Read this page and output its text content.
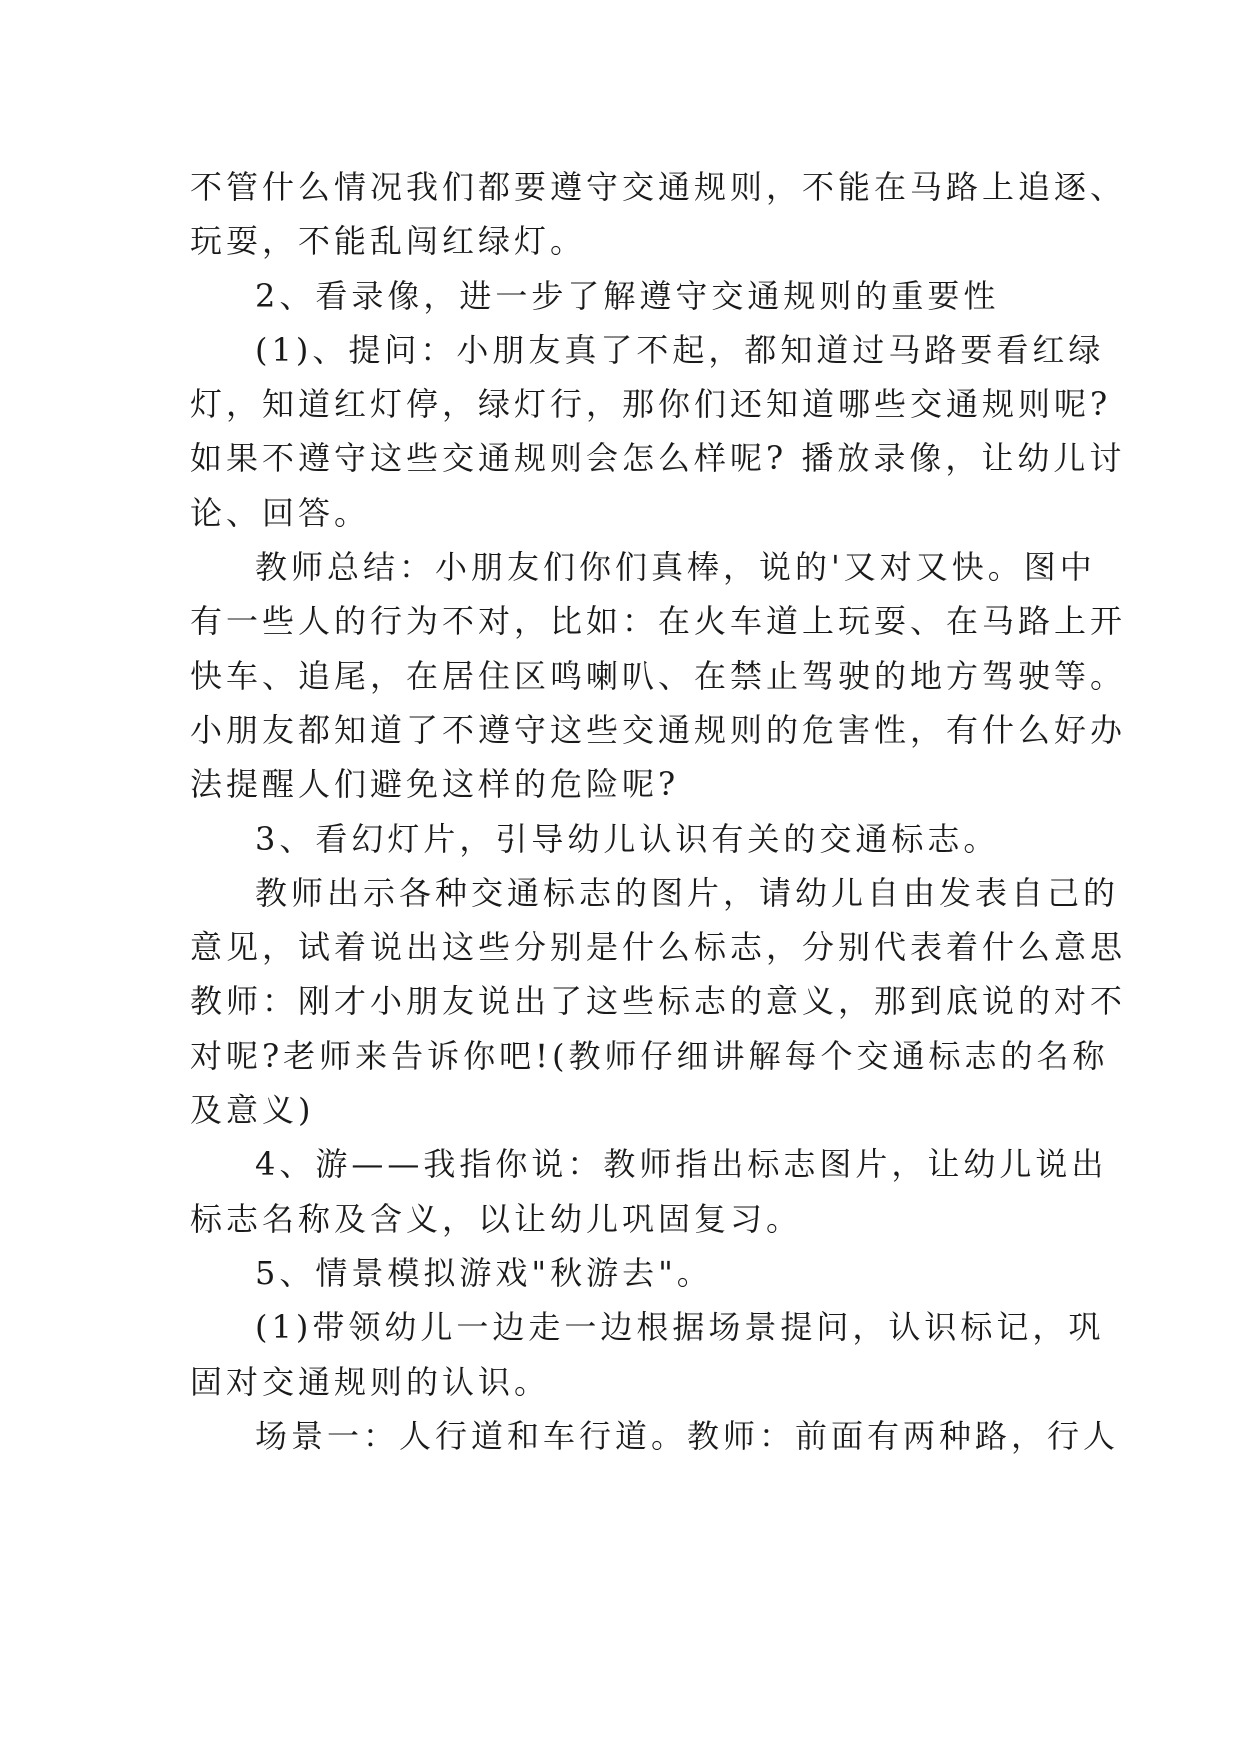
不管什么情况我们都要遵守交通规则，不能在马路上追逐、
玩耍，不能乱闯红绿灯。
2、看录像，进一步了解遵守交通规则的重要性
(1)、提问：小朋友真了不起，都知道过马路要看红绿
灯，知道红灯停，绿灯行，那你们还知道哪些交通规则呢?
如果不遵守这些交通规则会怎么样呢? 播放录像，让幼儿讨
论、回答。
教师总结：小朋友们你们真棒，说的'又对又快。图中
有一些人的行为不对，比如：在火车道上玩耍、在马路上开
快车、追尾，在居住区鸣喇叭、在禁止驾驶的地方驾驶等。
小朋友都知道了不遵守这些交通规则的危害性，有什么好办
法提醒人们避免这样的危险呢?
3、看幻灯片，引导幼儿认识有关的交通标志。
教师出示各种交通标志的图片，请幼儿自由发表自己的
意见，试着说出这些分别是什么标志，分别代表着什么意思
教师：刚才小朋友说出了这些标志的意义，那到底说的对不
对呢?老师来告诉你吧!(教师仔细讲解每个交通标志的名称
及意义)
4、游——我指你说：教师指出标志图片，让幼儿说出
标志名称及含义，以让幼儿巩固复习。
5、情景模拟游戏"秋游去"。
(1)带领幼儿一边走一边根据场景提问，认识标记，巩
固对交通规则的认识。
场景一：人行道和车行道。教师：前面有两种路，行人
